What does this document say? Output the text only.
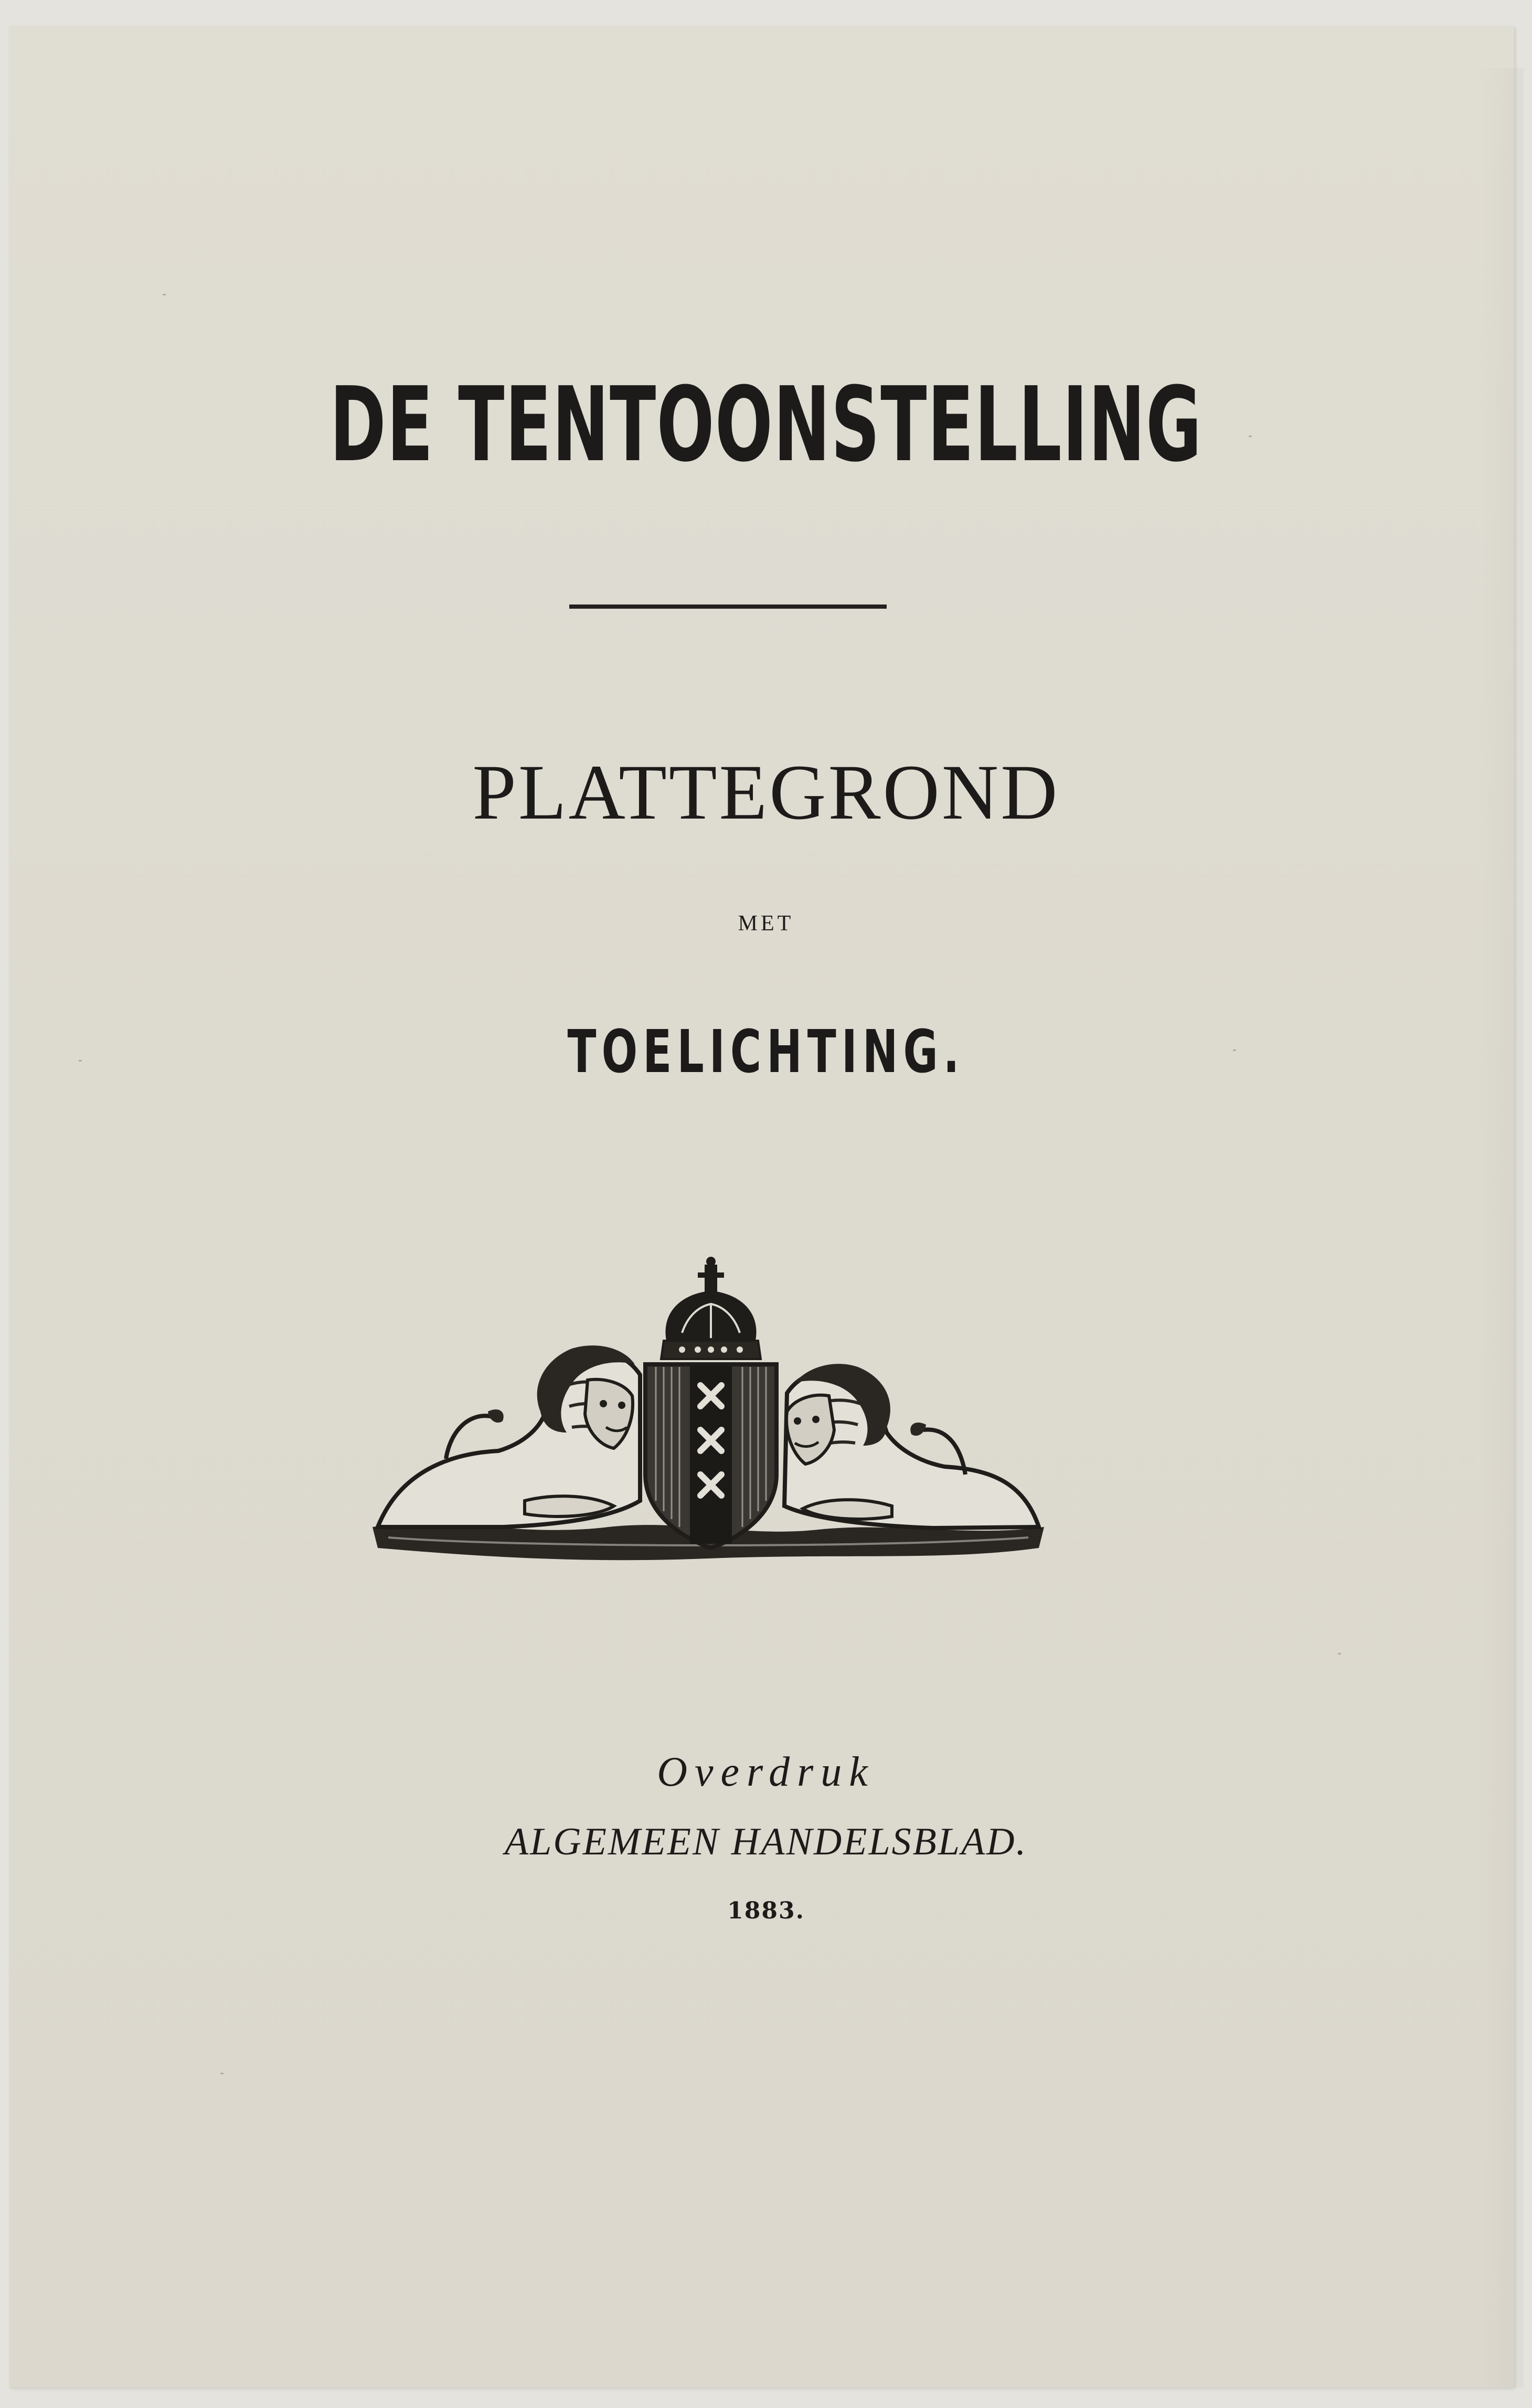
DE TENTOONSTELLING
PLATTEGROND
MET
TOELICHTING.
Overdruk
ALGEMEEN HANDELSBLAD.
1883.
